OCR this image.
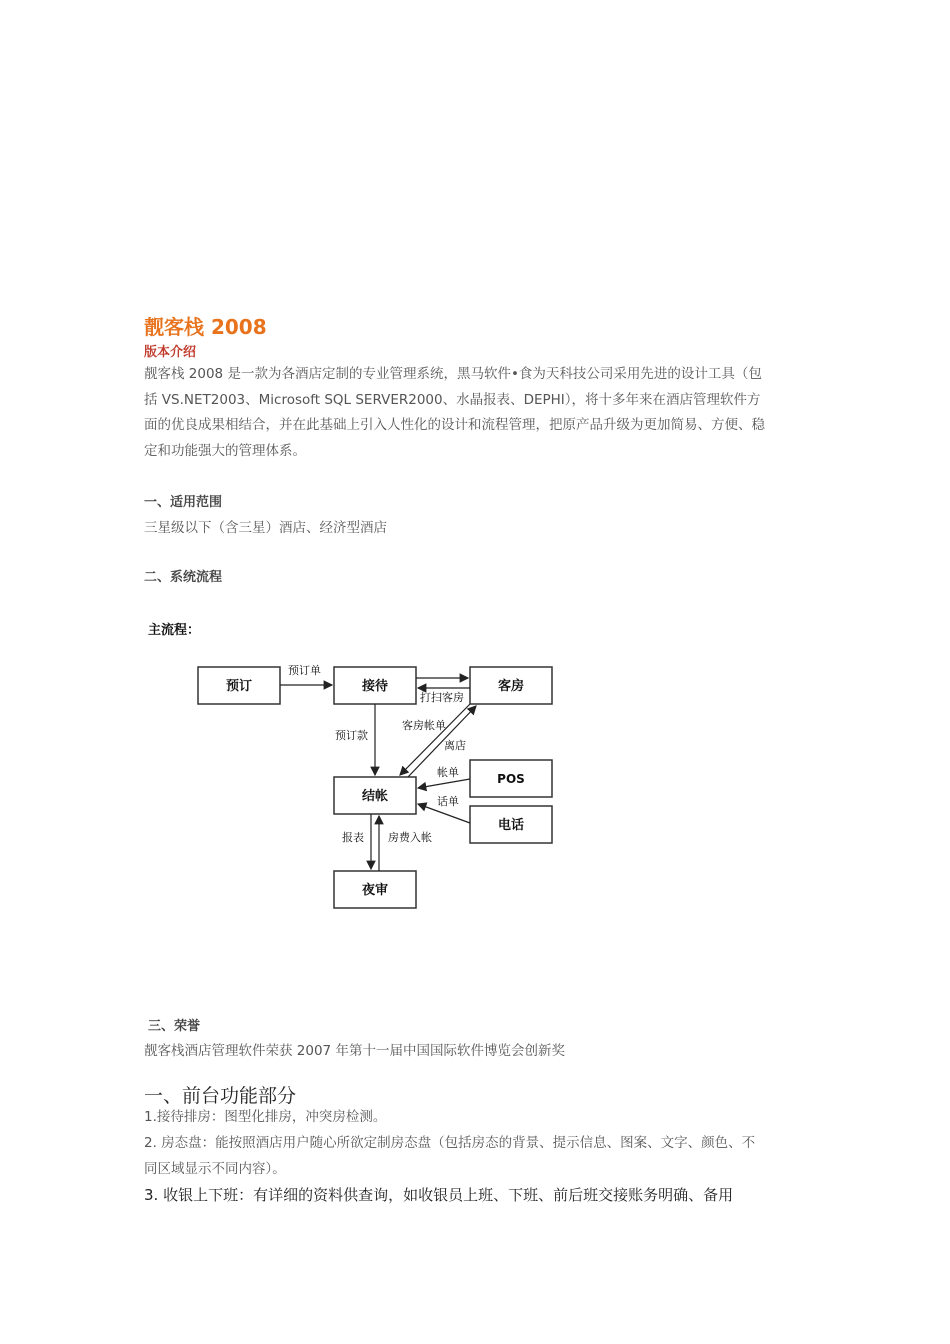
靓客栈 2008
版本介绍
靓客栈 2008 是一款为各酒店定制的专业管理系统，黑马软件•食为天科技公司采用先进的设计工具（包
括 VS.NET2003、Microsoft SQL SERVER2000、水晶报表、DEPHI），将十多年来在酒店管理软件方
面的优良成果相结合，并在此基础上引入人性化的设计和流程管理，把原产品升级为更加简易、方便、稳
定和功能强大的管理体系。
一、适用范围
三星级以下（含三星）酒店、经济型酒店
二、系统流程
主流程：
预订	接待	客房
结帐
POS
电话
夜审
预订单
打扫客房
预订款
客房帐单
离店
帐单
话单
报表 房费入帐
三、荣誉
靓客栈酒店管理软件荣获 2007 年第十一届中国国际软件博览会创新奖
一、前台功能部分
1.接待排房：图型化排房，冲突房检测。
2. 房态盘：能按照酒店用户随心所欲定制房态盘（包括房态的背景、提示信息、图案、文字、颜色、不
同区域显示不同内容）。
3. 收银上下班：有详细的资料供查询，如收银员上班、下班、前后班交接账务明确、备用
